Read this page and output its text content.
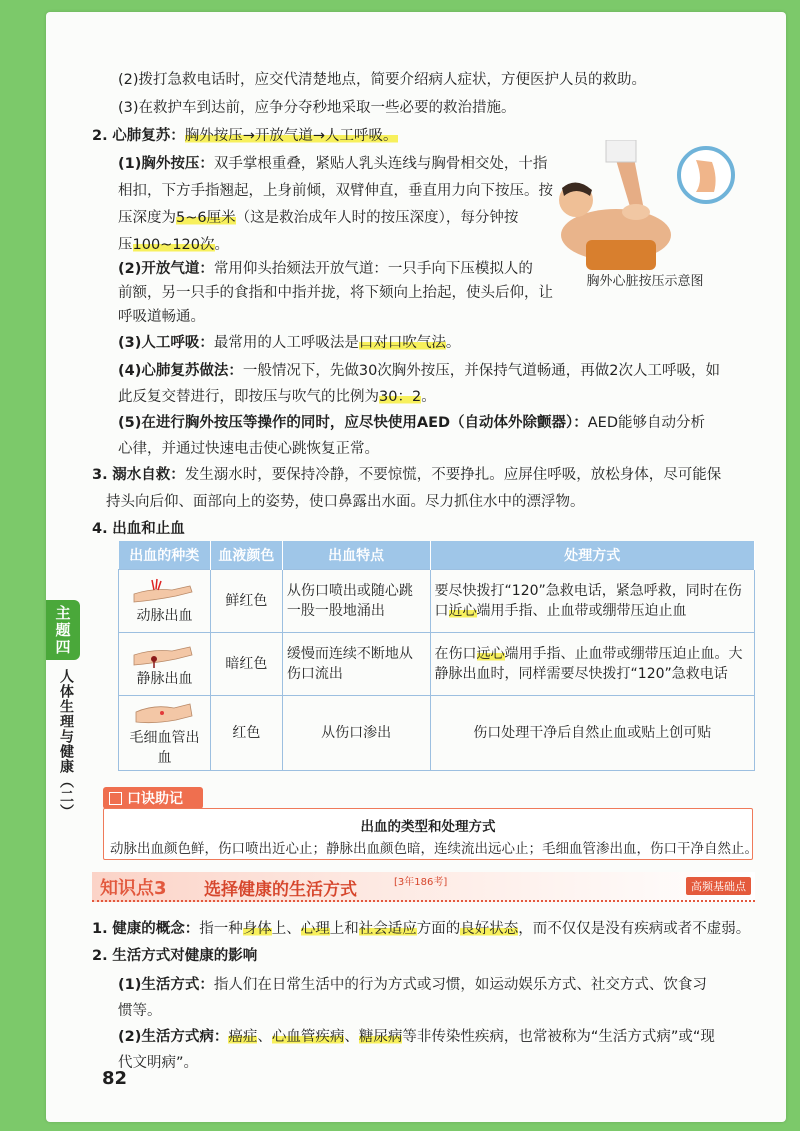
主题四
人体生理与健康（二）
(2)拨打急救电话时，应交代清楚地点，简要介绍病人症状，方便医护人员的救助。
(3)在救护车到达前，应争分夺秒地采取一些必要的救治措施。
2. 心肺复苏：胸外按压→开放气道→人工呼吸。
(1)胸外按压：双手掌根重叠，紧贴人乳头连线与胸骨相交处，十指
相扣，下方手指翘起，上身前倾，双臂伸直，垂直用力向下按压。按
压深度为5~6厘米（这是救治成年人时的按压深度），每分钟按
压100~120次。
胸外心脏按压示意图
(2)开放气道：常用仰头抬颏法开放气道：一只手向下压模拟人的
前额，另一只手的食指和中指并拢，将下颏向上抬起，使头后仰，让
呼吸道畅通。
(3)人工呼吸：最常用的人工呼吸法是口对口吹气法。
(4)心肺复苏做法：一般情况下，先做30次胸外按压，并保持气道畅通，再做2次人工呼吸，如
此反复交替进行，即按压与吹气的比例为30：2。
(5)在进行胸外按压等操作的同时，应尽快使用AED（自动体外除颤器）：AED能够自动分析
心律，并通过快速电击使心跳恢复正常。
3. 溺水自救：发生溺水时，要保持冷静，不要惊慌，不要挣扎。应屏住呼吸，放松身体，尽可能保
持头向后仰、面部向上的姿势，使口鼻露出水面。尽力抓住水中的漂浮物。
4. 出血和止血
出血的种类	血液颜色	出血特点	处理方式

动脉出血	鲜红色	从伤口喷出或随心跳一股一股地涌出	要尽快拨打“120”急救电话，紧急呼救，同时在伤口近心端用手指、止血带或绷带压迫止血

静脉出血	暗红色	缓慢而连续不断地从伤口流出	在伤口远心端用手指、止血带或绷带压迫止血。大静脉出血时，同样需要尽快拨打“120”急救电话

毛细血管出血	红色	从伤口渗出	伤口处理干净后自然止血或贴上创可贴
口诀助记
出血的类型和处理方式
动脉出血颜色鲜，伤口喷出近心止；静脉出血颜色暗，连续流出远心止；毛细血管渗出血，伤口干净自然止。
知识点3 选择健康的生活方式	[3年186考]	高频基础点
1. 健康的概念：指一种身体上、心理上和社会适应方面的良好状态，而不仅仅是没有疾病或者不虚弱。
2. 生活方式对健康的影响
(1)生活方式：指人们在日常生活中的行为方式或习惯，如运动娱乐方式、社交方式、饮食习
惯等。
(2)生活方式病：癌症、心血管疾病、糖尿病等非传染性疾病，也常被称为“生活方式病”或“现
代文明病”。
82
